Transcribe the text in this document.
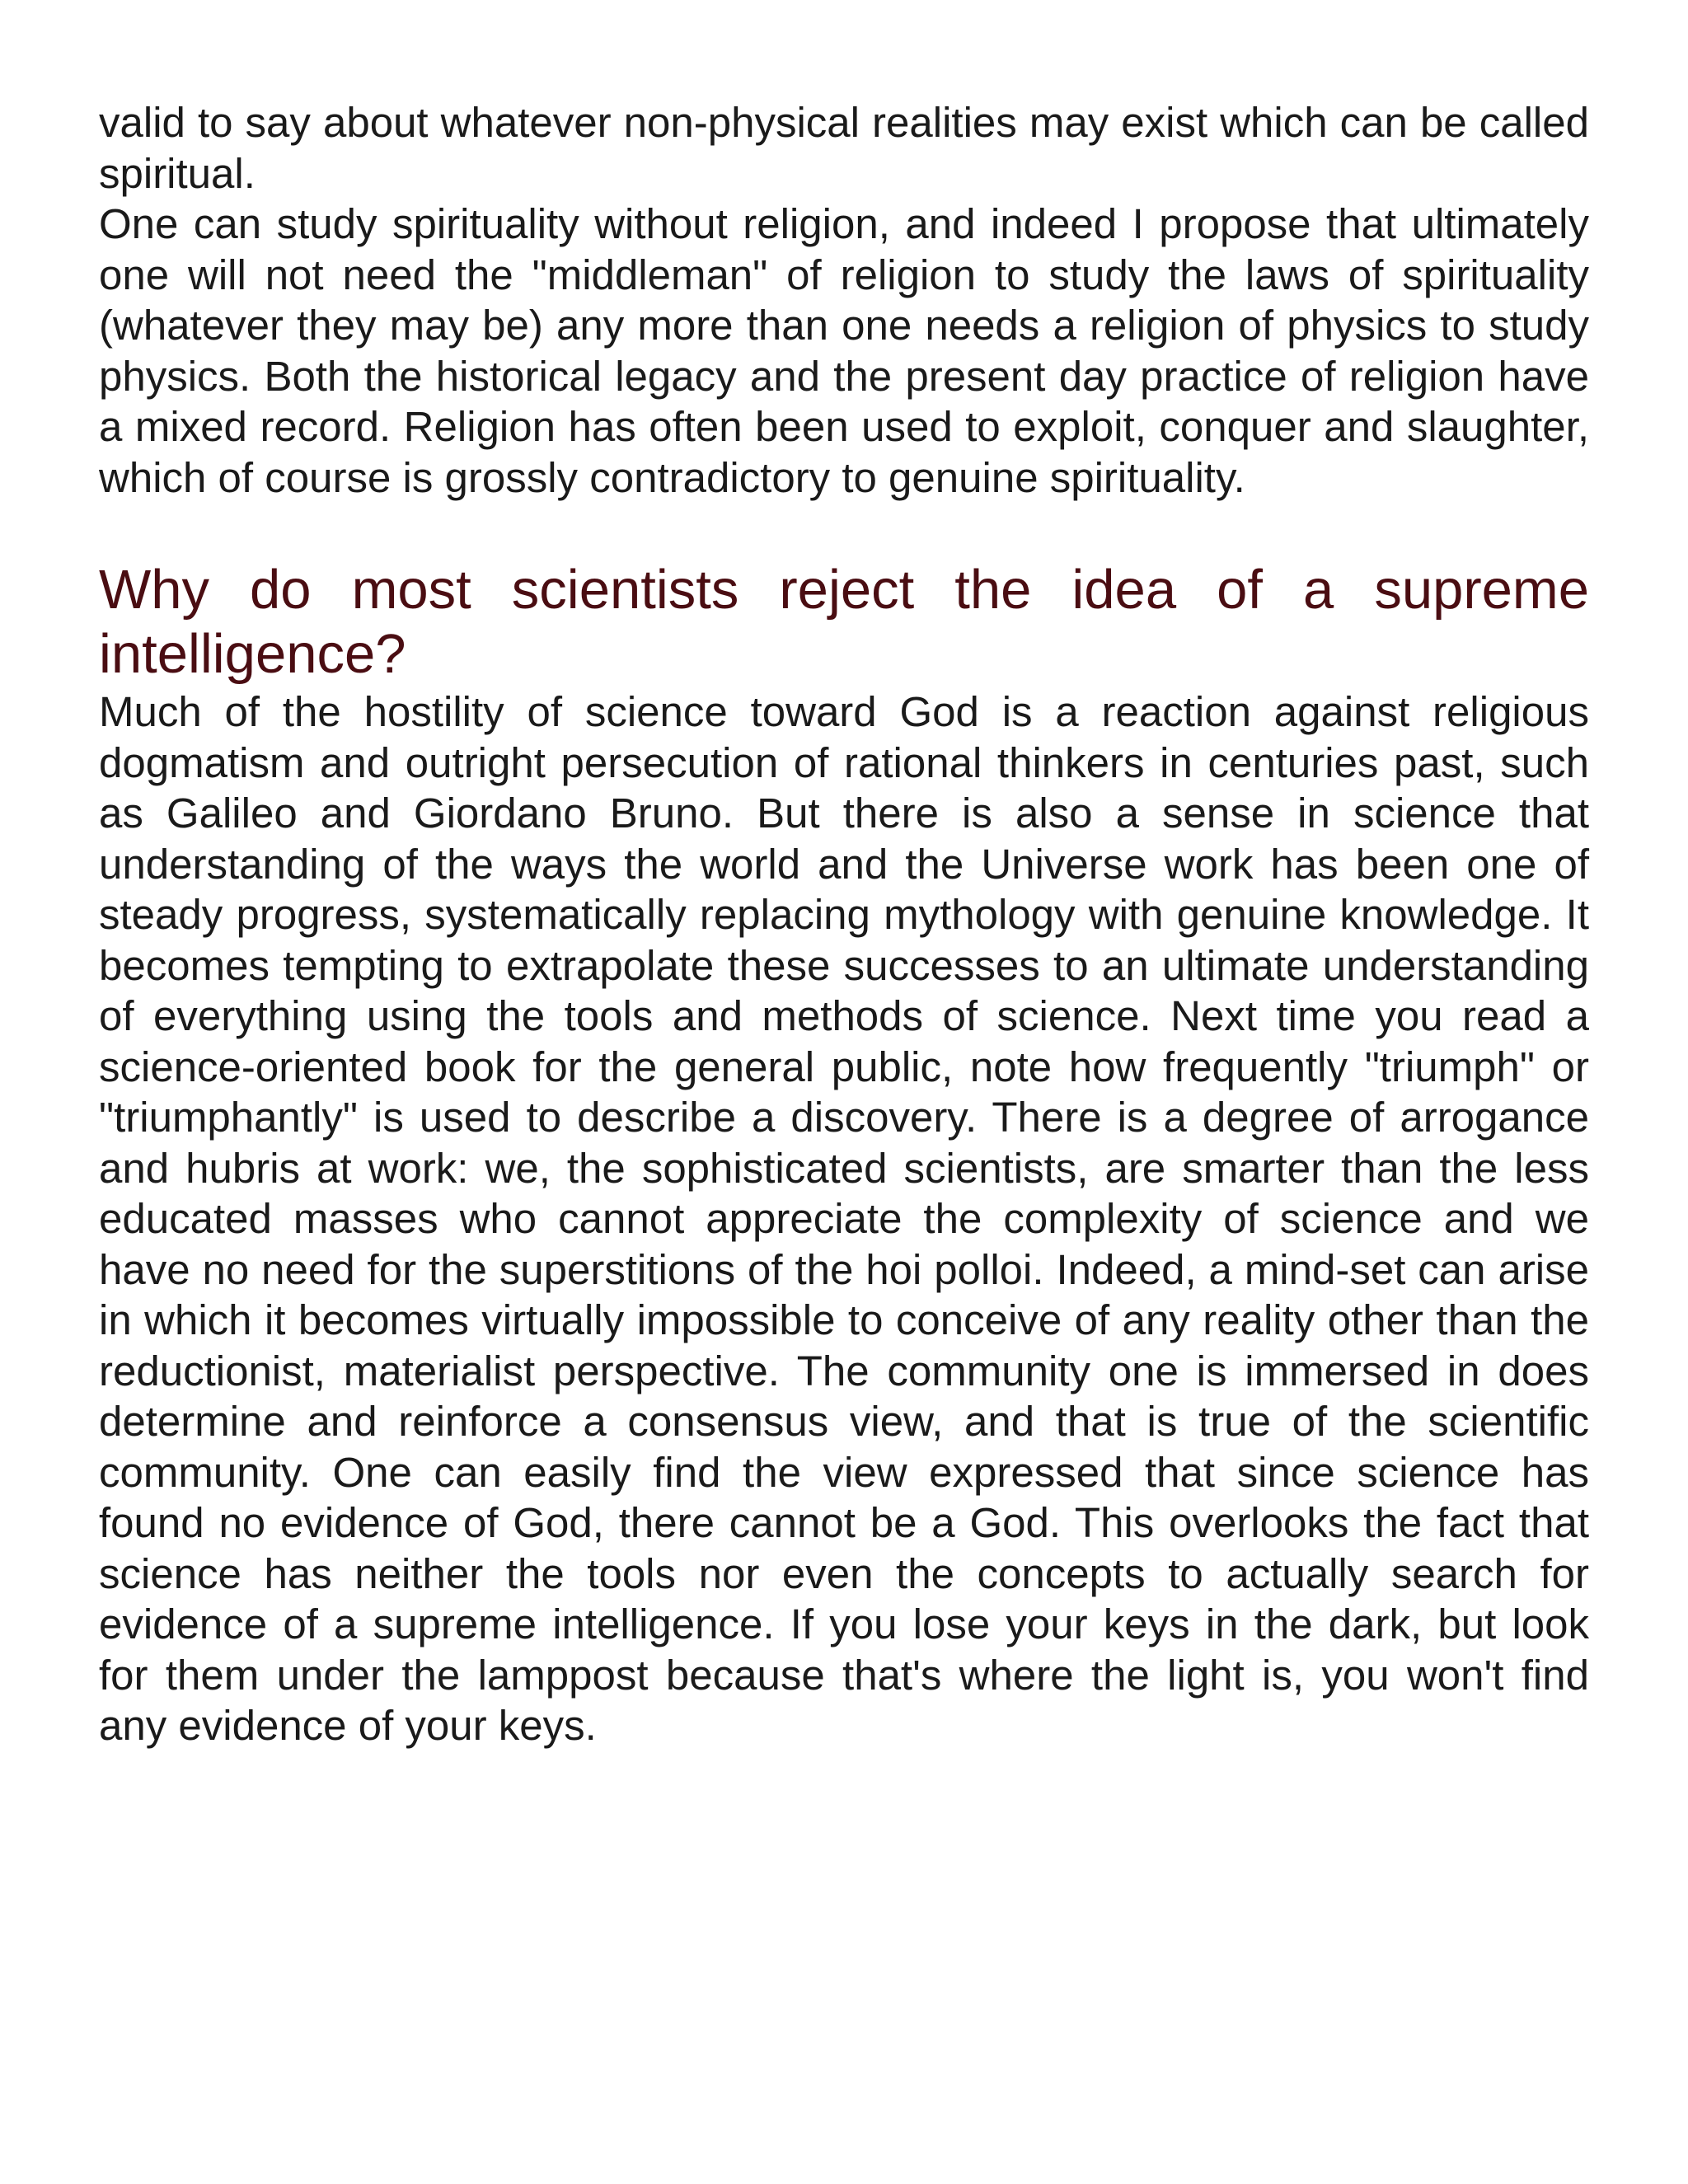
valid to say about whatever non-physical realities may exist which can be called spiritual.

One can study spirituality without religion, and indeed I propose that ultimately one will not need the "middleman" of religion to study the laws of spirituality (whatever they may be) any more than one needs a religion of physics to study physics. Both the historical legacy and the present day practice of religion have a mixed record. Religion has often been used to exploit, conquer and slaughter, which of course is grossly contradictory to genuine spirituality.

Why do most scientists reject the idea of a supreme intelligence?

Much of the hostility of science toward God is a reaction against religious dogmatism and outright persecution of rational thinkers in centuries past, such as Galileo and Giordano Bruno. But there is also a sense in science that understanding of the ways the world and the Universe work has been one of steady progress, systematically replacing mythology with genuine knowledge. It becomes tempting to extrapolate these successes to an ultimate understanding of everything using the tools and methods of science. Next time you read a science-oriented book for the general public, note how frequently "triumph" or "triumphantly" is used to describe a discovery. There is a degree of arrogance and hubris at work: we, the sophisticated scientists, are smarter than the less educated masses who cannot appreciate the complexity of science and we have no need for the superstitions of the hoi polloi. Indeed, a mind-set can arise in which it becomes virtually impossible to conceive of any reality other than the reductionist, materialist perspective. The community one is immersed in does determine and reinforce a consensus view, and that is true of the scientific community. One can easily find the view expressed that since science has found no evidence of God, there cannot be a God. This overlooks the fact that science has neither the tools nor even the concepts to actually search for evidence of a supreme intelligence. If you lose your keys in the dark, but look for them under the lamppost because that's where the light is, you won't find any evidence of your keys.
